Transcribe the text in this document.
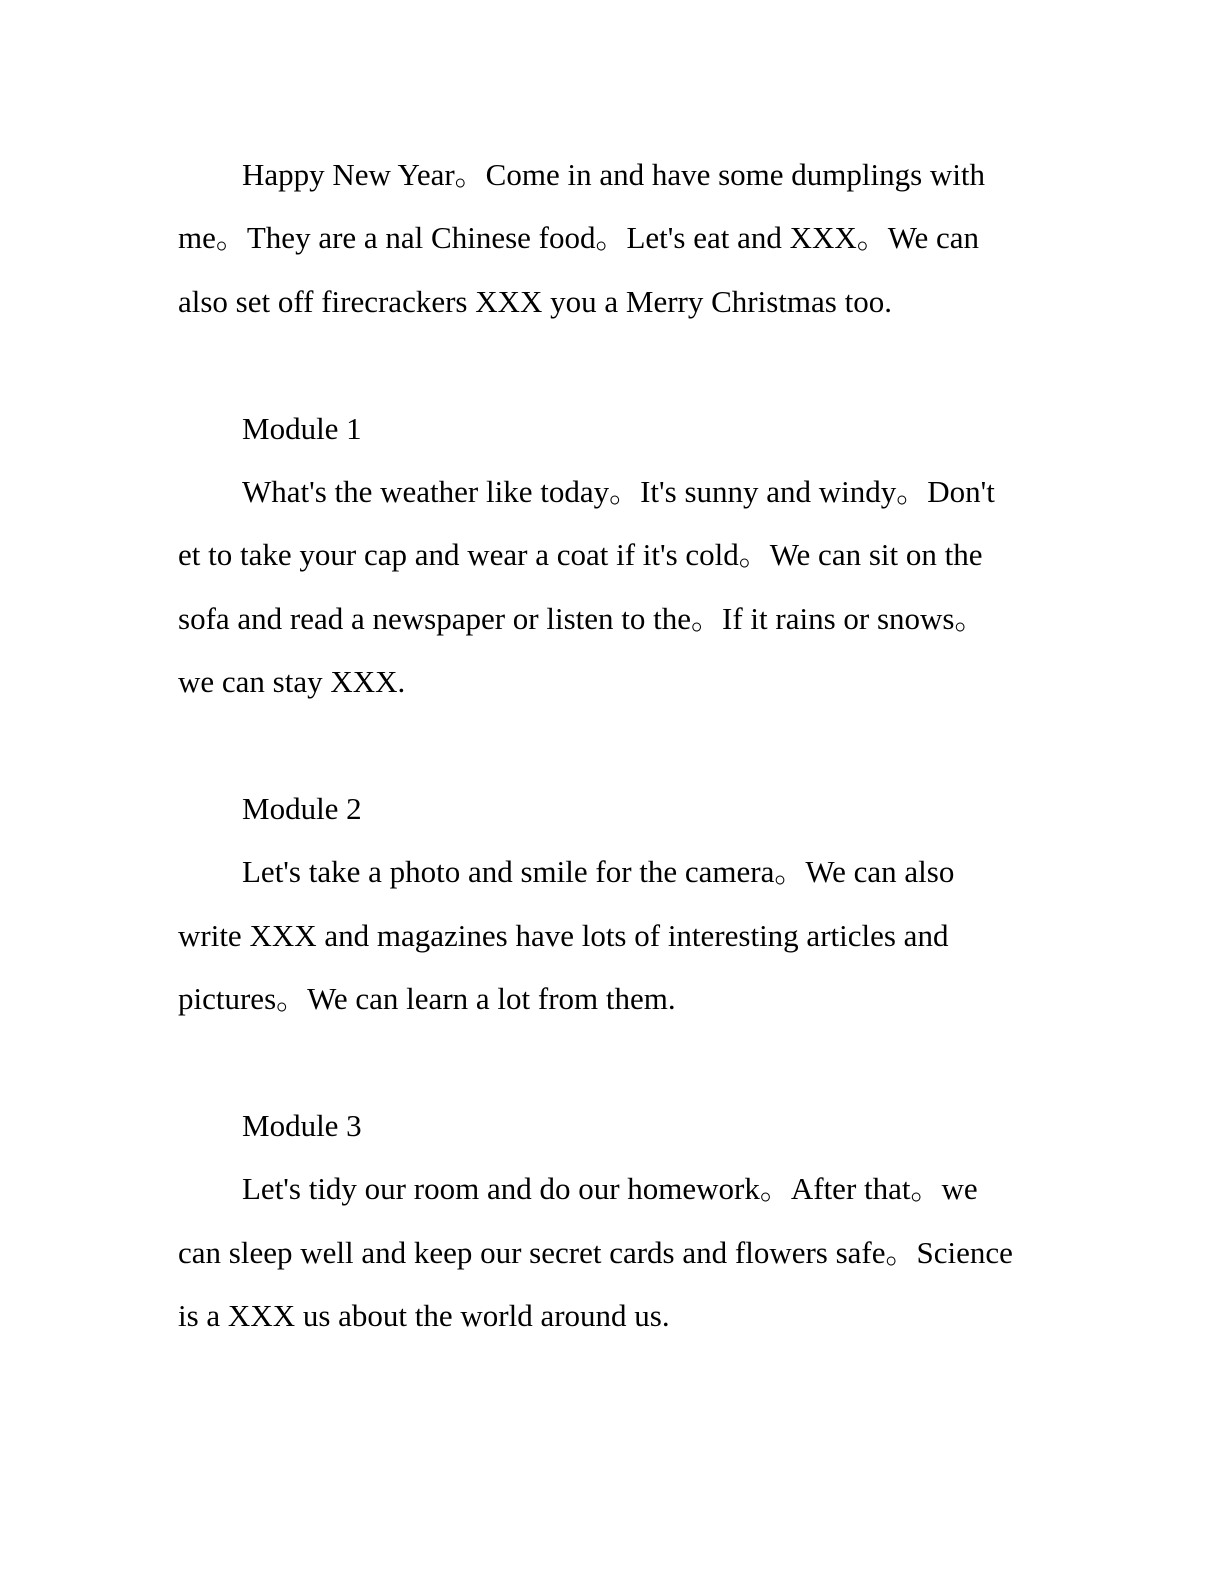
Happy New Year。Come in and have some dumplings with
me。They are a nal Chinese food。Let's eat and XXX。We can
also set off firecrackers XXX you a Merry Christmas too.

Module 1

What's the weather like today。It's sunny and windy。Don't
et to take your cap and wear a coat if it's cold。We can sit on the
sofa and read a newspaper or listen to the。If it rains or snows。
we can stay XXX.

Module 2

Let's take a photo and smile for the camera。We can also
write XXX and magazines have lots of interesting articles and
pictures。We can learn a lot from them.

Module 3

Let's tidy our room and do our homework。After that。we
can sleep well and keep our secret cards and flowers safe。Science
is a XXX us about the world around us.
